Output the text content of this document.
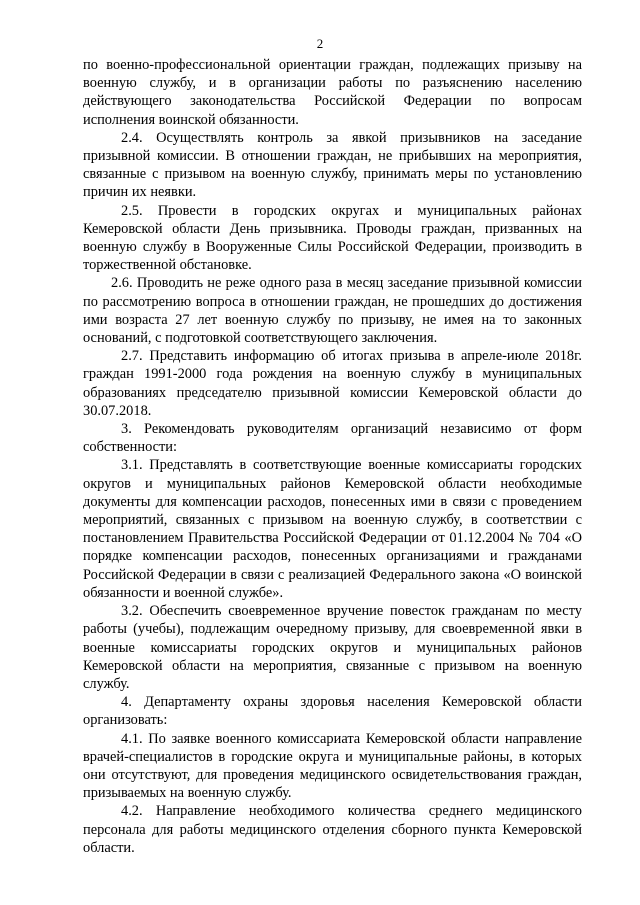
2

по военно-профессиональной ориентации граждан, подлежащих призыву на военную службу, и в организации работы по разъяснению населению действующего законодательства Российской Федерации по вопросам исполнения воинской обязанности.

2.4. Осуществлять контроль за явкой призывников на заседание призывной комиссии. В отношении граждан, не прибывших на мероприятия, связанные с призывом на военную службу, принимать меры по установлению причин их неявки.

2.5. Провести в городских округах и муниципальных районах Кемеровской области День призывника. Проводы граждан, призванных на военную службу в Вооруженные Силы Российской Федерации, производить в торжественной обстановке.

2.6. Проводить не реже одного раза в месяц заседание призывной комиссии по рассмотрению вопроса в отношении граждан, не прошедших до достижения ими возраста 27 лет военную службу по призыву, не имея на то законных оснований, с подготовкой соответствующего заключения.

2.7. Представить информацию об итогах призыва в апреле-июле 2018г. граждан 1991-2000 года рождения на военную службу в муниципальных образованиях председателю призывной комиссии Кемеровской области до 30.07.2018.

3. Рекомендовать руководителям организаций независимо от форм собственности:

3.1. Представлять в соответствующие военные комиссариаты городских округов и муниципальных районов Кемеровской области необходимые документы для компенсации расходов, понесенных ими в связи с проведением мероприятий, связанных с призывом на военную службу, в соответствии с постановлением Правительства Российской Федерации от 01.12.2004 № 704 «О порядке компенсации расходов, понесенных организациями и гражданами Российской Федерации в связи с реализацией Федерального закона «О воинской обязанности и военной службе».

3.2. Обеспечить своевременное вручение повесток гражданам по месту работы (учебы), подлежащим очередному призыву, для своевременной явки в военные комиссариаты городских округов и муниципальных районов Кемеровской области на мероприятия, связанные с призывом на военную службу.

4. Департаменту охраны здоровья населения Кемеровской области организовать:

4.1. По заявке военного комиссариата Кемеровской области направление врачей-специалистов в городские округа и муниципальные районы, в которых они отсутствуют, для проведения медицинского освидетельствования граждан, призываемых на военную службу.

4.2. Направление необходимого количества среднего медицинского персонала для работы медицинского отделения сборного пункта Кемеровской области.
